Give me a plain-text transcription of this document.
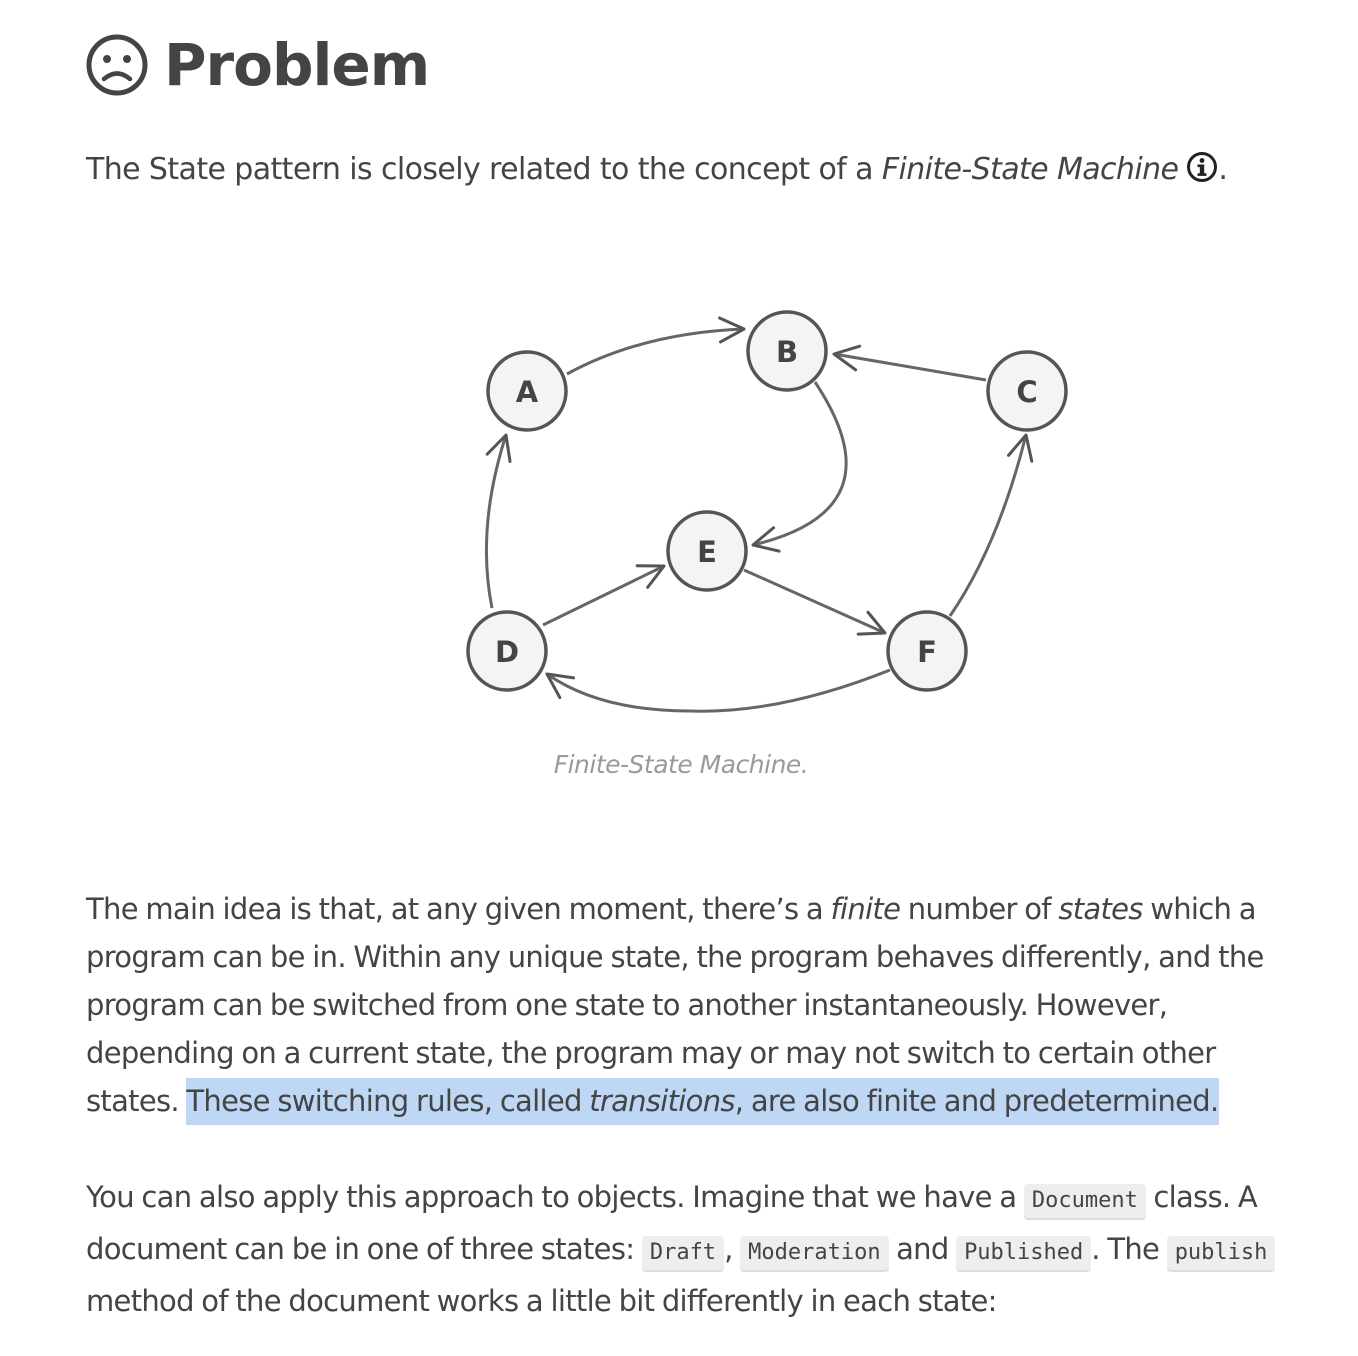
Problem
The State pattern is closely related to the concept of a Finite-State Machine .
A
B
C
D
E
F
Finite-State Machine.
The main idea is that, at any given moment, there’s a finite number of states which a program can be in. Within any unique state, the program behaves differently, and the program can be switched from one state to another instantaneously. However, depending on a current state, the program may or may not switch to certain other states. These switching rules, called transitions, are also finite and predetermined.
You can also apply this approach to objects. Imagine that we have a Document class. A document can be in one of three states: Draft , Moderation and Published . The publish method of the document works a little bit differently in each state:
